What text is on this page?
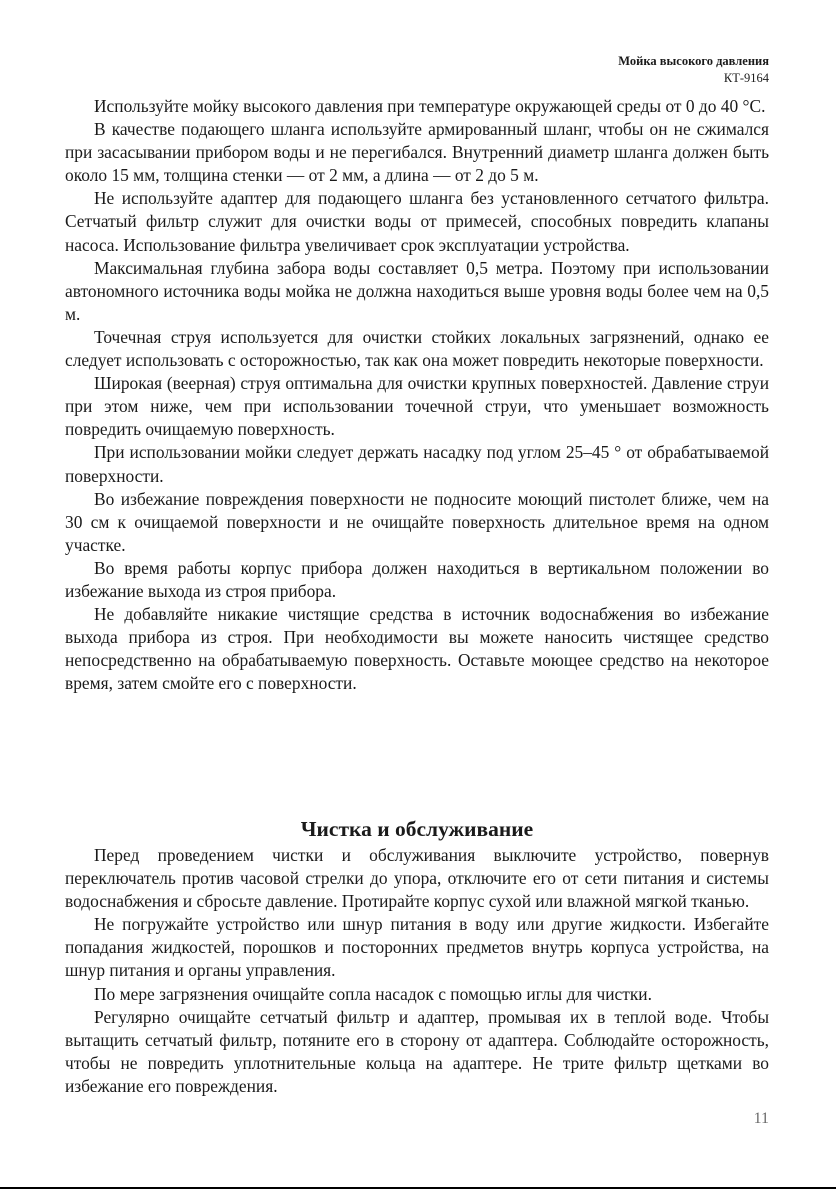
Мойка высокого давления
КТ-9164

Используйте мойку высокого давления при температуре окружающей среды от 0 до 40 °С.

В качестве подающего шланга используйте армированный шланг, чтобы он не сжимался при засасывании прибором воды и не перегибался. Внутренний диаметр шланга должен быть около 15 мм, толщина стенки — от 2 мм, а длина — от 2 до 5 м.

Не используйте адаптер для подающего шланга без установленного сетчатого фильтра. Сетчатый фильтр служит для очистки воды от примесей, способных повредить клапаны насоса. Использование фильтра увеличивает срок эксплуатации устройства.

Максимальная глубина забора воды составляет 0,5 метра. Поэтому при использовании автономного источника воды мойка не должна находиться выше уровня воды более чем на 0,5 м.

Точечная струя используется для очистки стойких локальных загрязнений, однако ее следует использовать с осторожностью, так как она может повредить некоторые поверхности.

Широкая (веерная) струя оптимальна для очистки крупных поверхностей. Давление струи при этом ниже, чем при использовании точечной струи, что уменьшает возможность повредить очищаемую поверхность.

При использовании мойки следует держать насадку под углом 25–45 ° от обрабатываемой поверхности.

Во избежание повреждения поверхности не подносите моющий пистолет ближе, чем на 30 см к очищаемой поверхности и не очищайте поверхность длительное время на одном участке.

Во время работы корпус прибора должен находиться в вертикальном положении во избежание выхода из строя прибора.

Не добавляйте никакие чистящие средства в источник водоснабжения во избежание выхода прибора из строя. При необходимости вы можете наносить чистящее средство непосредственно на обрабатываемую поверхность. Оставьте моющее средство на некоторое время, затем смойте его с поверхности.

Чистка и обслуживание

Перед проведением чистки и обслуживания выключите устройство, повернув переключатель против часовой стрелки до упора, отключите его от сети питания и системы водоснабжения и сбросьте давление. Протирайте корпус сухой или влажной мягкой тканью.

Не погружайте устройство или шнур питания в воду или другие жидкости. Избегайте попадания жидкостей, порошков и посторонних предметов внутрь корпуса устройства, на шнур питания и органы управления.

По мере загрязнения очищайте сопла насадок с помощью иглы для чистки.

Регулярно очищайте сетчатый фильтр и адаптер, промывая их в теплой воде. Чтобы вытащить сетчатый фильтр, потяните его в сторону от адаптера. Соблюдайте осторожность, чтобы не повредить уплотнительные кольца на адаптере. Не трите фильтр щетками во избежание его повреждения.

11
